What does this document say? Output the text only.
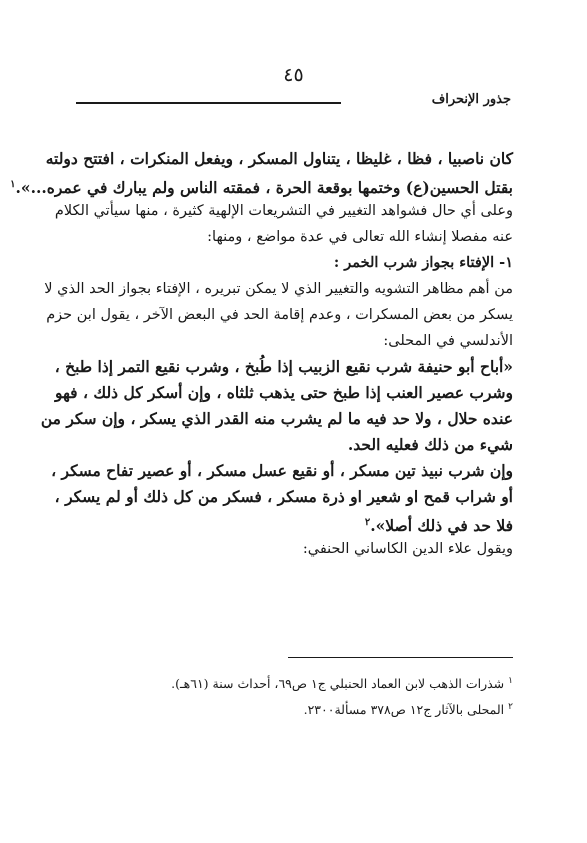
٤٥
جذور الإنحراف
كان ناصبيا ، فظا ، غليظا ، يتناول المسكر ، ويفعل المنكرات ، افتتح دولته
بقتل الحسين(ع) وختمها بوقعة الحرة ، فمقته الناس ولم يبارك في عمره...».$^١$
وعلى أي حال فشواهد التغيير في التشريعات الإلهية كثيرة ، منها سيأتي الكلام
عنه مفصلا إنشاء الله تعالى في عدة مواضع ، ومنها:
١- الإفتاء بجواز شرب الخمر :
من أهم مظاهر التشويه والتغيير الذي لا يمكن تبريره ، الإفتاء بجواز الحد الذي لا
يسكر من بعض المسكرات ، وعدم إقامة الحد في البعض الآخر ، يقول ابن حزم
الأندلسي في المحلى:
«أباح أبو حنيفة شرب نقيع الزبيب إذا طُبخ ، وشرب نقيع التمر إذا طبخ ،
وشرب عصير العنب إذا طبخ حتى يذهب ثلثاه ، وإن أسكر كل ذلك ، فهو
عنده حلال ، ولا حد فيه ما لم يشرب منه القدر الذي يسكر ، وإن سكر من
شيء من ذلك فعليه الحد.
وإن شرب نبيذ تين مسكر ، أو نقيع عسل مسكر ، أو عصير تفاح مسكر ،
أو شراب قمح او شعير او ذرة مسكر ، فسكر من كل ذلك أو لم يسكر ،
فلا حد في ذلك أصلا».$^٢$
ويقول علاء الدين الكاساني الحنفي:
$^١$شذرات الذهب لابن العماد الحنبلي ج١ ص٦٩، أحداث سنة (٦١هـ).
$^٢$المحلى بالآثار ج١٢ ص٣٧٨ مسألة٢٣٠٠.
